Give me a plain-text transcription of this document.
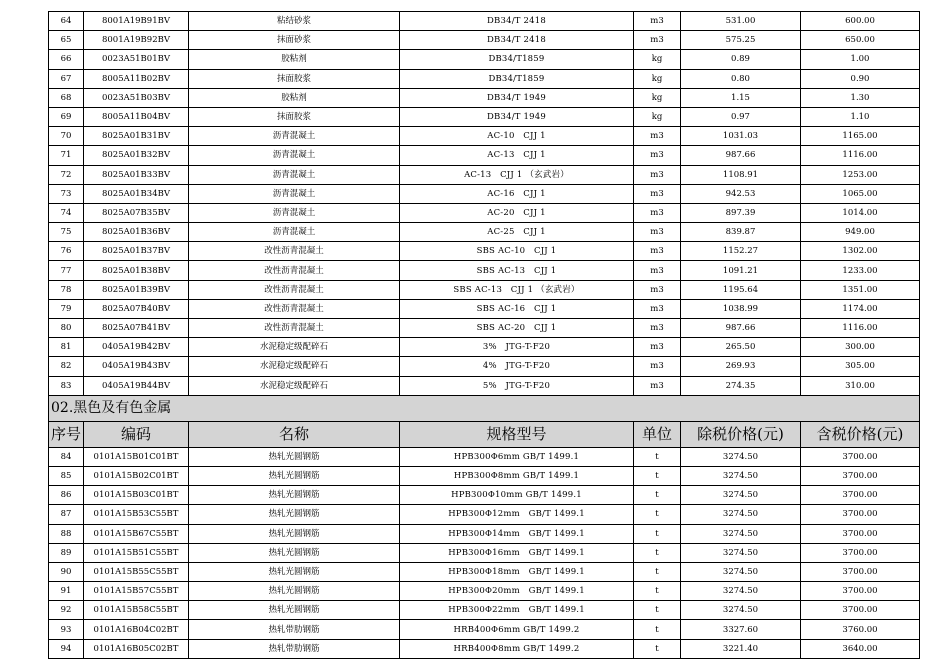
64	8001A19B91BV	粘结砂浆	DB34/T 2418	m3	531.00	600.00
65	8001A19B92BV	抹面砂浆	DB34/T 2418	m3	575.25	650.00
66	0023A51B01BV	胶粘剂	DB34/T1859	kg	0.89	1.00
67	8005A11B02BV	抹面胶浆	DB34/T1859	kg	0.80	0.90
68	0023A51B03BV	胶粘剂	DB34/T 1949	kg	1.15	1.30
69	8005A11B04BV	抹面胶浆	DB34/T 1949	kg	0.97	1.10
70	8025A01B31BV	沥青混凝土	AC-10　CJJ 1	m3	1031.03	1165.00
71	8025A01B32BV	沥青混凝土	AC-13　CJJ 1	m3	987.66	1116.00
72	8025A01B33BV	沥青混凝土	AC-13　CJJ 1 （玄武岩）	m3	1108.91	1253.00
73	8025A01B34BV	沥青混凝土	AC-16　CJJ 1	m3	942.53	1065.00
74	8025A07B35BV	沥青混凝土	AC-20　CJJ 1	m3	897.39	1014.00
75	8025A01B36BV	沥青混凝土	AC-25　CJJ 1	m3	839.87	949.00
76	8025A01B37BV	改性沥青混凝土	SBS AC-10　CJJ 1	m3	1152.27	1302.00
77	8025A01B38BV	改性沥青混凝土	SBS AC-13　CJJ 1	m3	1091.21	1233.00
78	8025A01B39BV	改性沥青混凝土	SBS AC-13　CJJ 1 （玄武岩）	m3	1195.64	1351.00
79	8025A07B40BV	改性沥青混凝土	SBS AC-16　CJJ 1	m3	1038.99	1174.00
80	8025A07B41BV	改性沥青混凝土	SBS AC-20　CJJ 1	m3	987.66	1116.00
81	0405A19B42BV	水泥稳定级配碎石	3%　JTG-T-F20	m3	265.50	300.00
82	0405A19B43BV	水泥稳定级配碎石	4%　JTG-T-F20	m3	269.93	305.00
83	0405A19B44BV	水泥稳定级配碎石	5%　JTG-T-F20	m3	274.35	310.00
02.黑色及有色金属						
序号	编码	名称	规格型号	单位	除税价格(元)	含税价格(元)
84	0101A15B01C01BT	热轧光圆钢筋	HPB300Φ6mm GB/T 1499.1	t	3274.50	3700.00
85	0101A15B02C01BT	热轧光圆钢筋	HPB300Φ8mm GB/T 1499.1	t	3274.50	3700.00
86	0101A15B03C01BT	热轧光圆钢筋	HPB300Φ10mm GB/T 1499.1	t	3274.50	3700.00
87	0101A15B53C55BT	热轧光圆钢筋	HPB300Φ12mm　GB/T 1499.1	t	3274.50	3700.00
88	0101A15B67C55BT	热轧光圆钢筋	HPB300Φ14mm　GB/T 1499.1	t	3274.50	3700.00
89	0101A15B51C55BT	热轧光圆钢筋	HPB300Φ16mm　GB/T 1499.1	t	3274.50	3700.00
90	0101A15B55C55BT	热轧光圆钢筋	HPB300Φ18mm　GB/T 1499.1	t	3274.50	3700.00
91	0101A15B57C55BT	热轧光圆钢筋	HPB300Φ20mm　GB/T 1499.1	t	3274.50	3700.00
92	0101A15B58C55BT	热轧光圆钢筋	HPB300Φ22mm　GB/T 1499.1	t	3274.50	3700.00
93	0101A16B04C02BT	热轧带肋钢筋	HRB400Φ6mm GB/T 1499.2	t	3327.60	3760.00
94	0101A16B05C02BT	热轧带肋钢筋	HRB400Φ8mm GB/T 1499.2	t	3221.40	3640.00
